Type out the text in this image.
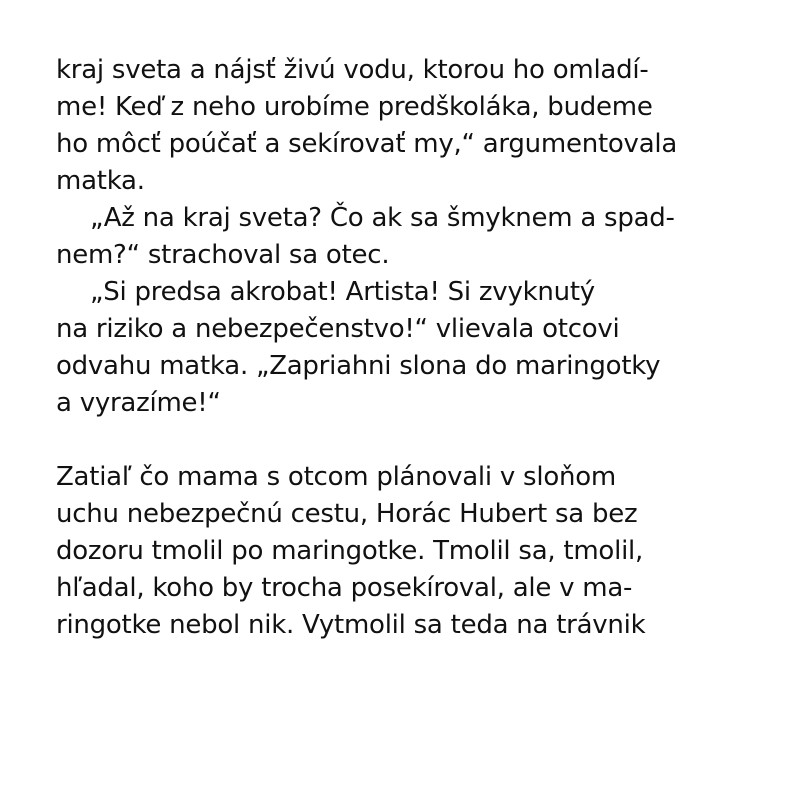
kraj sveta a nájsť živú vodu, ktorou ho omladí-

me! Keď z neho urobíme predškoláka, budeme

ho môcť poúčať a sekírovať my,“ argumentovala

matka.

„Až na kraj sveta? Čo ak sa šmyknem a spad-

nem?“ strachoval sa otec.

„Si predsa akrobat! Artista! Si zvyknutý

na riziko a nebezpečenstvo!“ vlievala otcovi

odvahu matka. „Zapriahni slona do maringotky

a vyrazíme!“

Zatiaľ čo mama s otcom plánovali v sloňom

uchu nebezpečnú cestu, Horác Hubert sa bez

dozoru tmolil po maringotke. Tmolil sa, tmolil,

hľadal, koho by trocha posekíroval, ale v ma-

ringotke nebol nik. Vytmolil sa teda na trávnik
